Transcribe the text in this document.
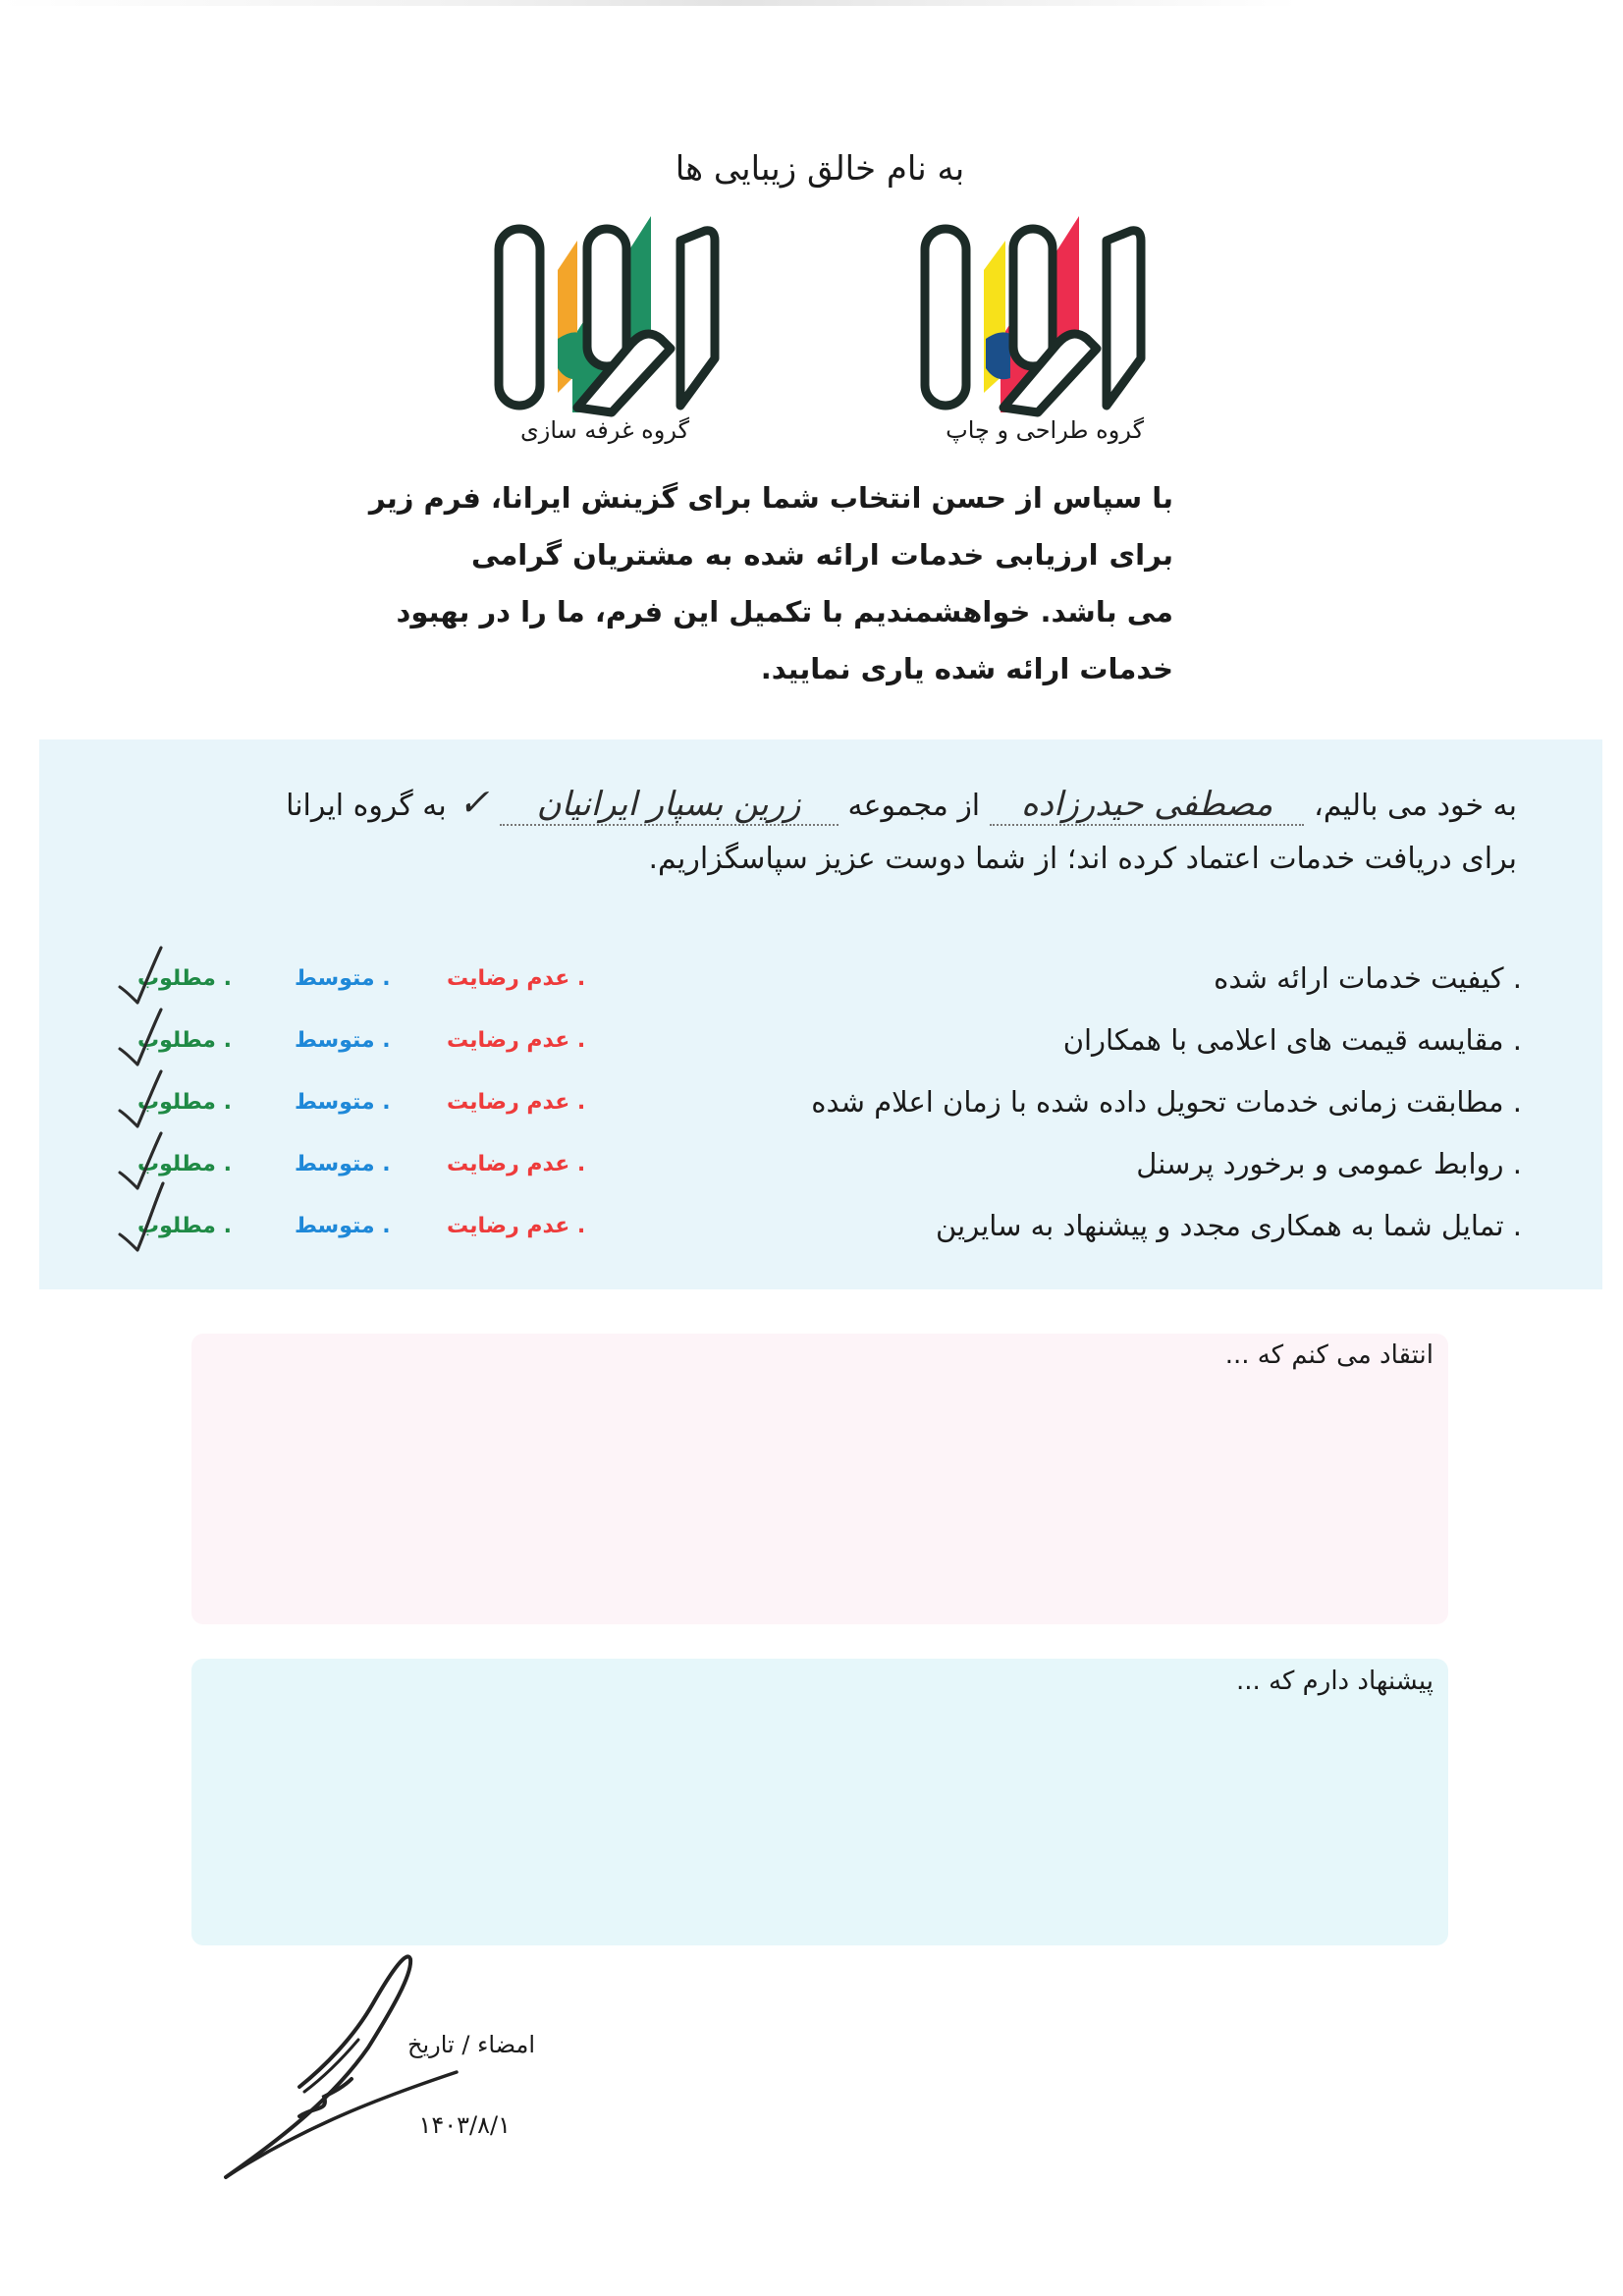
به نام خالق زیبایی ها
گروه غرفه سازی	گروه طراحی و چاپ
با سپاس از حسن انتخاب شما برای گزینش ایرانا، فرم زیر
برای ارزیابی خدمات ارائه شده به مشتریان گرامی
می باشد. خواهشمندیم با تکمیل این فرم، ما را در بهبود
خدمات ارائه شده یاری نمایید.
به خود می بالیم،
مصطفی حیدرزاده
از مجموعه
زرین بسپار ایرانیان
✓
به گروه ایرانا
برای دریافت خدمات اعتماد کرده اند؛ از شما دوست عزیز سپاسگزاریم.
. کیفیت خدمات ارائه شده
. عدم رضایت
. متوسط
. مطلوب
. مقایسه قیمت های اعلامی با همکاران
. عدم رضایت
. متوسط
. مطلوب
. مطابقت زمانی خدمات تحویل داده شده با زمان اعلام شده
. عدم رضایت
. متوسط
. مطلوب
. روابط عمومی و برخورد پرسنل
. عدم رضایت
. متوسط
. مطلوب
. تمایل شما به همکاری مجدد و پیشنهاد به سایرین
. عدم رضایت
. متوسط
. مطلوب
انتقاد می کنم که ...
پیشنهاد دارم که ...
امضاء / تاریخ
۱۴۰۳/۸/۱
